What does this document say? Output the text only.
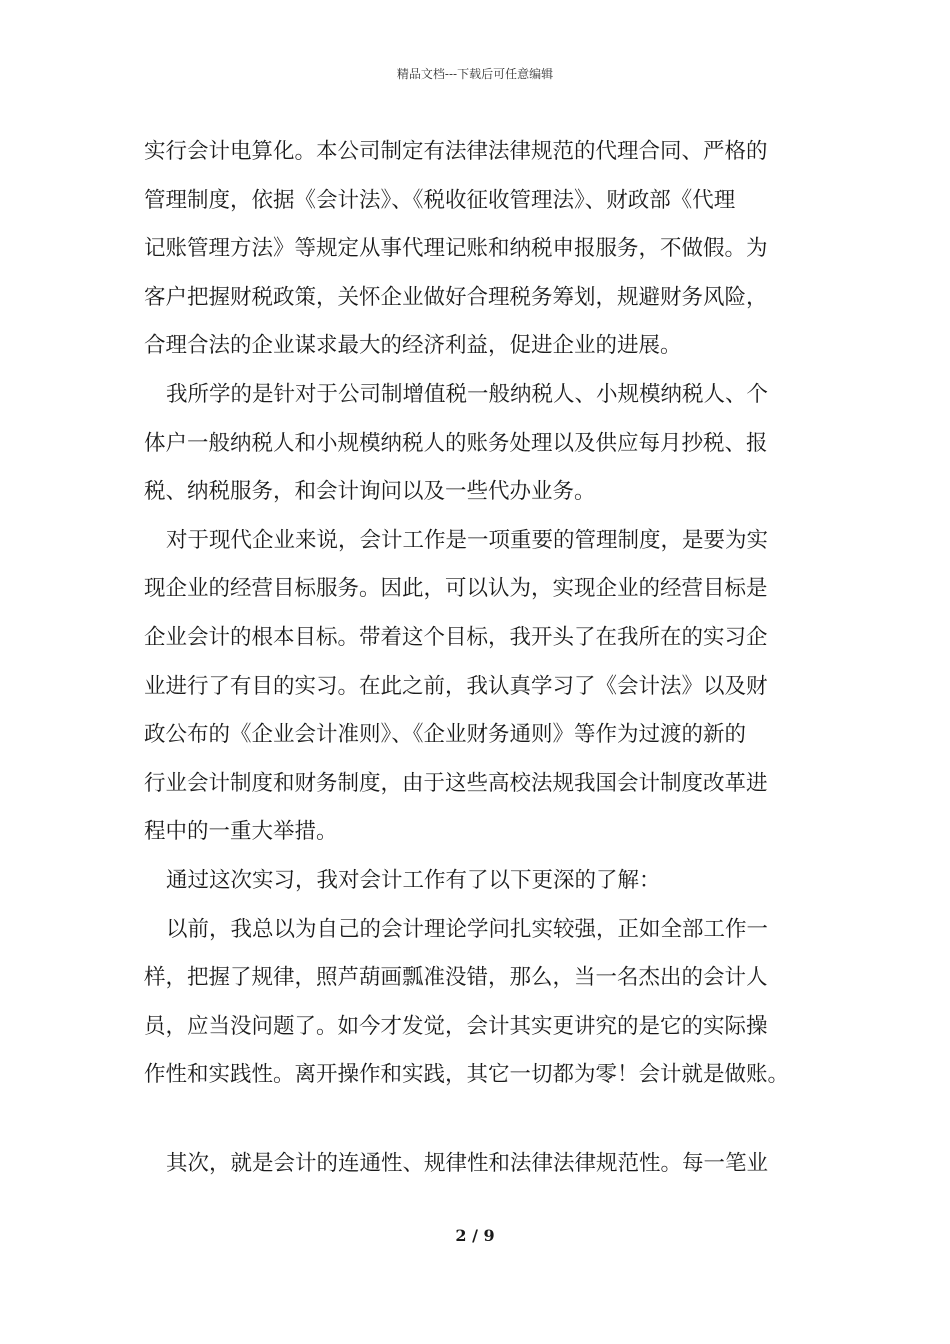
精品文档---下载后可任意编辑

实行会计电算化。本公司制定有法律法律规范的代理合同、严格的
管理制度，依据《会计法》、《税收征收管理法》、财政部《代理
记账管理方法》等规定从事代理记账和纳税申报服务，不做假。为
客户把握财税政策，关怀企业做好合理税务筹划，规避财务风险，
合理合法的企业谋求最大的经济利益，促进企业的进展。

我所学的是针对于公司制增值税一般纳税人、小规模纳税人、个
体户一般纳税人和小规模纳税人的账务处理以及供应每月抄税、报
税、纳税服务，和会计询问以及一些代办业务。

对于现代企业来说，会计工作是一项重要的管理制度，是要为实
现企业的经营目标服务。因此，可以认为，实现企业的经营目标是
企业会计的根本目标。带着这个目标，我开头了在我所在的实习企
业进行了有目的实习。在此之前，我认真学习了《会计法》以及财
政公布的《企业会计准则》、《企业财务通则》等作为过渡的新的
行业会计制度和财务制度，由于这些高校法规我国会计制度改革进
程中的一重大举措。

通过这次实习，我对会计工作有了以下更深的了解：

以前，我总以为自己的会计理论学问扎实较强，正如全部工作一
样，把握了规律，照芦葫画瓢准没错，那么，当一名杰出的会计人
员，应当没问题了。如今才发觉，会计其实更讲究的是它的实际操
作性和实践性。离开操作和实践，其它一切都为零！会计就是做账。

其次，就是会计的连通性、规律性和法律法律规范性。每一笔业

2 / 9
